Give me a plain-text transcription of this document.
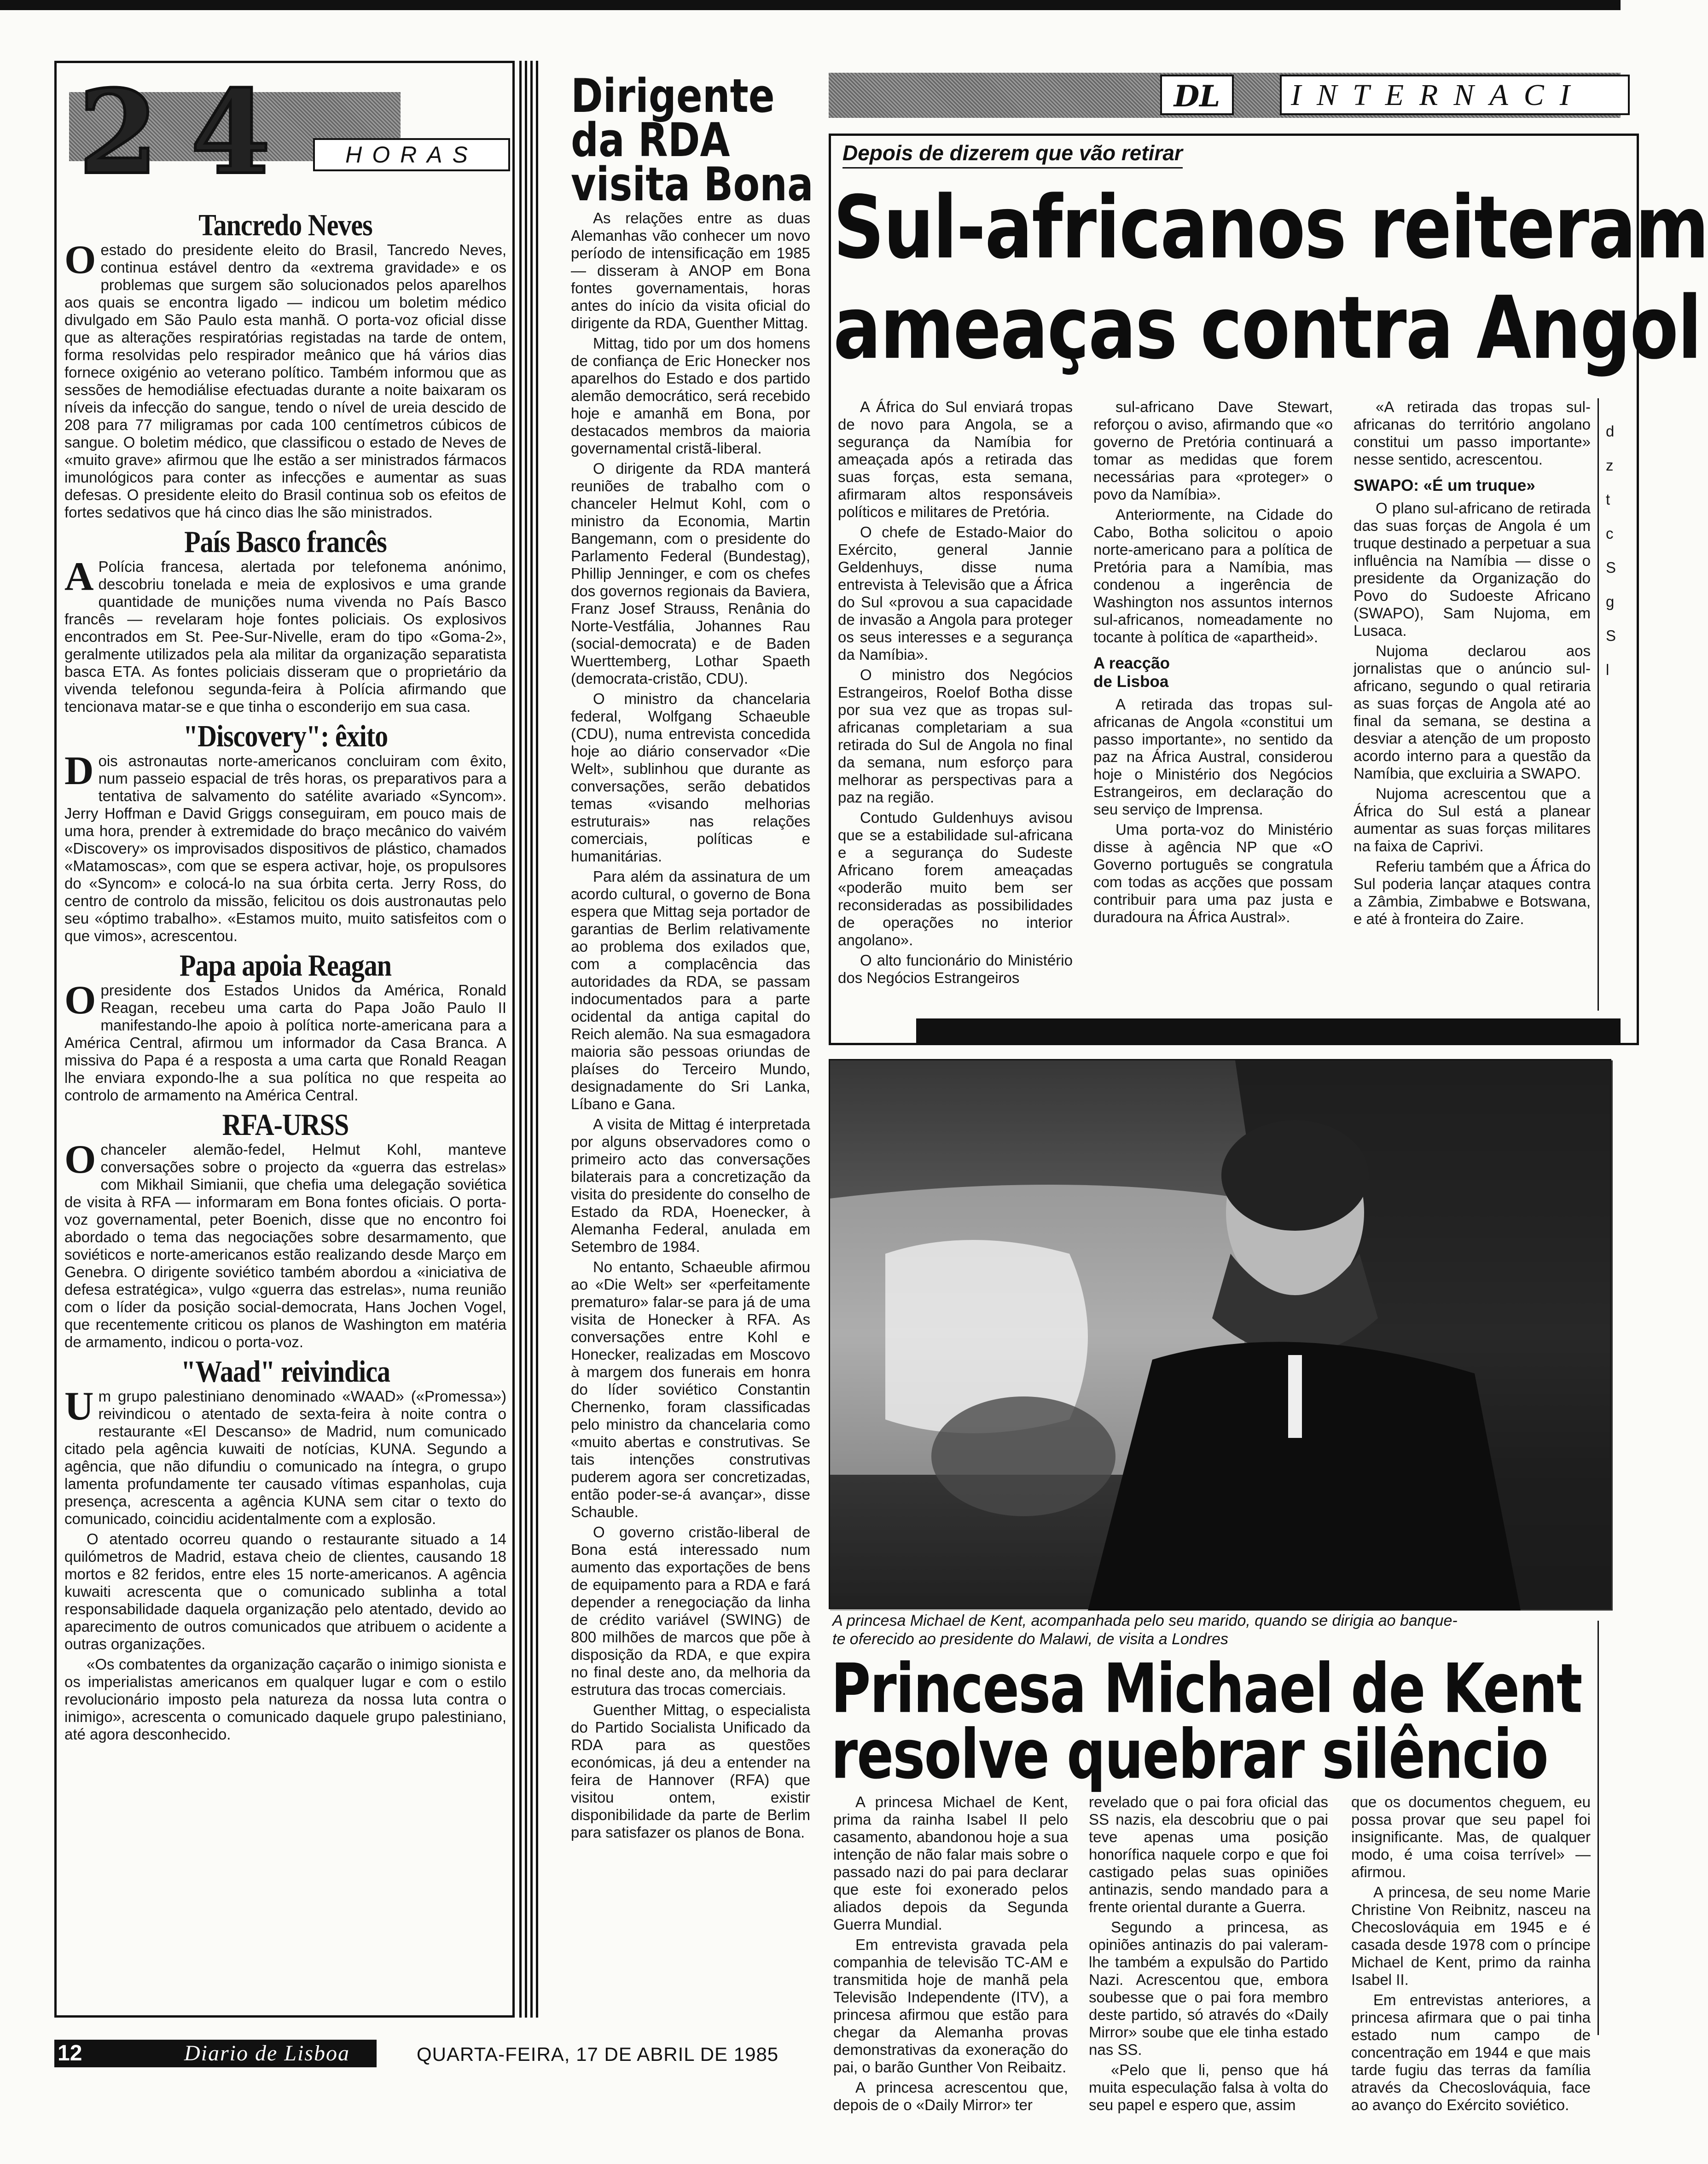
24	HORAS
Tancredo Neves

Oestado do presidente eleito do Brasil, Tancredo Neves, continua estável dentro da «extrema gravidade» e os problemas que surgem são solucionados pelos aparelhos aos quais se encontra ligado — indicou um boletim médico divulgado em São Paulo esta manhã. O porta-voz oficial disse que as alterações respiratórias registadas na tarde de ontem, forma resolvidas pelo respirador meânico que há vários dias fornece oxigénio ao veterano político. Também informou que as sessões de hemodiálise efectuadas durante a noite baixaram os níveis da infecção do sangue, tendo o nível de ureia descido de 208 para 77 miligramas por cada 100 centímetros cúbicos de sangue. O boletim médico, que classificou o estado de Neves de «muito grave» afirmou que lhe estão a ser ministrados fármacos imunológicos para conter as infecções e aumentar as suas defesas. O presidente eleito do Brasil continua sob os efeitos de fortes sedativos que há cinco dias lhe são ministrados.

País Basco francês

A Polícia francesa, alertada por telefonema anónimo, descobriu tonelada e meia de explosivos e uma grande quantidade de munições numa vivenda no País Basco francês — revelaram hoje fontes policiais. Os explosivos encontrados em St. Pee-Sur-Nivelle, eram do tipo «Goma-2», geralmente utilizados pela ala militar da organização separatista basca ETA. As fontes policiais disseram que o proprietário da vivenda telefonou segunda-feira à Polícia afirmando que tencionava matar-se e que tinha o esconderijo em sua casa.

"Discovery": êxito

Dois astronautas norte-americanos concluiram com êxito, num passeio espacial de três horas, os preparativos para a tentativa de salvamento do satélite avariado «Syncom». Jerry Hoffman e David Griggs conseguiram, em pouco mais de uma hora, prender à extremidade do braço mecânico do vaivém «Discovery» os improvisados dispositivos de plástico, chamados «Matamoscas», com que se espera activar, hoje, os propulsores do «Syncom» e colocá-lo na sua órbita certa. Jerry Ross, do centro de controlo da missão, felicitou os dois austronautas pelo seu «óptimo trabalho». «Estamos muito, muito satisfeitos com o que vimos», acrescentou.

Papa apoia Reagan

Opresidente dos Estados Unidos da América, Ronald Reagan, recebeu uma carta do Papa João Paulo II manifestando-lhe apoio à política norte-americana para a América Central, afirmou um informador da Casa Branca. A missiva do Papa é a resposta a uma carta que Ronald Reagan lhe enviara expondo-lhe a sua política no que respeita ao controlo de armamento na América Central.

RFA-URSS

Ochanceler alemão-fedel, Helmut Kohl, manteve conversações sobre o projecto da «guerra das estrelas» com Mikhail Simianii, que chefia uma delegação soviética de visita à RFA — informaram em Bona fontes oficiais. O porta-voz governamental, peter Boenich, disse que no encontro foi abordado o tema das negociações sobre desarmamento, que soviéticos e norte-americanos estão realizando desde Março em Genebra. O dirigente soviético também abordou a «iniciativa de defesa estratégica», vulgo «guerra das estrelas», numa reunião com o líder da posição social-democrata, Hans Jochen Vogel, que recentemente criticou os planos de Washington em matéria de armamento, indicou o porta-voz.

"Waad" reivindica

Um grupo palestiniano denominado «WAAD» («Promessa») reivindicou o atentado de sexta-feira à noite contra o restaurante «El Descanso» de Madrid, num comunicado citado pela agência kuwaiti de notícias, KUNA. Segundo a agência, que não difundiu o comunicado na íntegra, o grupo lamenta profundamente ter causado vítimas espanholas, cuja presença, acrescenta a agência KUNA sem citar o texto do comunicado, coincidiu acidentalmente com a explosão.

O atentado ocorreu quando o restaurante situado a 14 quilómetros de Madrid, estava cheio de clientes, causando 18 mortos e 82 feridos, entre eles 15 norte-americanos. A agência kuwaiti acrescenta que o comunicado sublinha a total responsabilidade daquela organização pelo atentado, devido ao aparecimento de outros comunicados que atribuem o acidente a outras organizações.

«Os combatentes da organização caçarão o inimigo sionista e os imperialistas americanos em qualquer lugar e com o estilo revolucionário imposto pela natureza da nossa luta contra o inimigo», acrescenta o comunicado daquele grupo palestiniano, até agora desconhecido.

Dirigente
da RDA
visita Bona

As relações entre as duas Alemanhas vão conhecer um novo período de intensificação em 1985 — disseram à ANOP em Bona fontes governamentais, horas antes do início da visita oficial do dirigente da RDA, Guenther Mittag.

Mittag, tido por um dos homens de confiança de Eric Honecker nos aparelhos do Estado e dos partido alemão democrático, será recebido hoje e amanhã em Bona, por destacados membros da maioria governamental cristã-liberal.

O dirigente da RDA manterá reuniões de trabalho com o chanceler Helmut Kohl, com o ministro da Economia, Martin Bangemann, com o presidente do Parlamento Federal (Bundestag), Phillip Jenninger, e com os chefes dos governos regionais da Baviera, Franz Josef Strauss, Renânia do Norte-Vestfália, Johannes Rau (social-democrata) e de Baden Wuerttemberg, Lothar Spaeth (democrata-cristão, CDU).

O ministro da chancelaria federal, Wolfgang Schaeuble (CDU), numa entrevista concedida hoje ao diário conservador «Die Welt», sublinhou que durante as conversações, serão debatidos temas «visando melhorias estruturais» nas relações comerciais, políticas e humanitárias.

Para além da assinatura de um acordo cultural, o governo de Bona espera que Mittag seja portador de garantias de Berlim relativamente ao problema dos exilados que, com a complacência das autoridades da RDA, se passam indocumentados para a parte ocidental da antiga capital do Reich alemão. Na sua esmagadora maioria são pessoas oriundas de plaíses do Terceiro Mundo, designadamente do Sri Lanka, Líbano e Gana.

A visita de Mittag é interpretada por alguns observadores como o primeiro acto das conversações bilaterais para a concretização da visita do presidente do conselho de Estado da RDA, Hoenecker, à Alemanha Federal, anulada em Setembro de 1984.

No entanto, Schaeuble afirmou ao «Die Welt» ser «perfeitamente prematuro» falar-se para já de uma visita de Honecker à RFA. As conversações entre Kohl e Honecker, realizadas em Moscovo à margem dos funerais em honra do líder soviético Constantin Chernenko, foram classificadas pelo ministro da chancelaria como «muito abertas e construtivas. Se tais intenções construtivas puderem agora ser concretizadas, então poder-se-á avançar», disse Schauble.

O governo cristão-liberal de Bona está interessado num aumento das exportações de bens de equipamento para a RDA e fará depender a renegociação da linha de crédito variável (SWING) de 800 milhões de marcos que põe à disposição da RDA, e que expira no final deste ano, da melhoria da estrutura das trocas comerciais.

Guenther Mittag, o especialista do Partido Socialista Unificado da RDA para as questões económicas, já deu a entender na feira de Hannover (RFA) que visitou ontem, existir disponibilidade da parte de Berlim para satisfazer os planos de Bona.

DL	INTERNACI
Depois de dizerem que vão retirar
Sul-africanos reiteram
ameaças contra Angol

A África do Sul enviará tropas de novo para Angola, se a segurança da Namíbia for ameaçada após a retirada das suas forças, esta semana, afirmaram altos responsáveis políticos e militares de Pretória.

O chefe de Estado-Maior do Exército, general Jannie Geldenhuys, disse numa entrevista à Televisão que a África do Sul «provou a sua capacidade de invasão a Angola para proteger os seus interesses e a segurança da Namíbia».

O ministro dos Negócios Estrangeiros, Roelof Botha disse por sua vez que as tropas sul-africanas completariam a sua retirada do Sul de Angola no final da semana, num esforço para melhorar as perspectivas para a paz na região.

Contudo Guldenhuys avisou que se a estabilidade sul-africana e a segurança do Sudeste Africano forem ameaçadas «poderão muito bem ser reconsideradas as possibilidades de operações no interior angolano».

O alto funcionário do Ministério dos Negócios Estrangeiros

sul-africano Dave Stewart, reforçou o aviso, afirmando que «o governo de Pretória continuará a tomar as medidas que forem necessárias para «proteger» o povo da Namíbia».

Anteriormente, na Cidade do Cabo, Botha solicitou o apoio norte-americano para a política de Pretória para a Namíbia, mas condenou a ingerência de Washington nos assuntos internos sul-africanos, nomeadamente no tocante à política de «apartheid».

A reacção
de Lisboa

A retirada das tropas sul-africanas de Angola «constitui um passo importante», no sentido da paz na África Austral, considerou hoje o Ministério dos Negócios Estrangeiros, em declaração do seu serviço de Imprensa.

Uma porta-voz do Ministério disse à agência NP que «O Governo português se congratula com todas as acções que possam contribuir para uma paz justa e duradoura na África Austral».

«A retirada das tropas sul-africanas do território angolano constitui um passo importante» nesse sentido, acrescentou.

SWAPO: «É um truque»

O plano sul-africano de retirada das suas forças de Angola é um truque destinado a perpetuar a sua influência na Namíbia — disse o presidente da Organização do Povo do Sudoeste Africano (SWAPO), Sam Nujoma, em Lusaca.

Nujoma declarou aos jornalistas que o anúncio sul-africano, segundo o qual retiraria as suas forças de Angola até ao final da semana, se destina a desviar a atenção de um proposto acordo interno para a questão da Namíbia, que excluiria a SWAPO.

Nujoma acrescentou que a África do Sul está a planear aumentar as suas forças militares na faixa de Caprivi.

Referiu também que a África do Sul poderia lançar ataques contra a Zâmbia, Zimbabwe e Botswana, e até à fronteira do Zaire.

d
z
t
c
S
g
S
l
A princesa Michael de Kent, acompanhada pelo seu marido, quando se dirigia ao banque-
te oferecido ao presidente do Malawi, de visita a Londres
Princesa Michael de Kent
resolve quebrar silêncio

A princesa Michael de Kent, prima da rainha Isabel II pelo casamento, abandonou hoje a sua intenção de não falar mais sobre o passado nazi do pai para declarar que este foi exonerado pelos aliados depois da Segunda Guerra Mundial.

Em entrevista gravada pela companhia de televisão TC-AM e transmitida hoje de manhã pela Televisão Independente (ITV), a princesa afirmou que estão para chegar da Alemanha provas demonstrativas da exoneração do pai, o barão Gunther Von Reibaitz.

A princesa acrescentou que, depois de o «Daily Mirror» ter

revelado que o pai fora oficial das SS nazis, ela descobriu que o pai teve apenas uma posição honorífica naquele corpo e que foi castigado pelas suas opiniões antinazis, sendo mandado para a frente oriental durante a Guerra.

Segundo a princesa, as opiniões antinazis do pai valeram-lhe também a expulsão do Partido Nazi. Acrescentou que, embora soubesse que o pai fora membro deste partido, só através do «Daily Mirror» soube que ele tinha estado nas SS.

«Pelo que li, penso que há muita especulação falsa à volta do seu papel e espero que, assim

que os documentos cheguem, eu possa provar que seu papel foi insignificante. Mas, de qualquer modo, é uma coisa terrível» — afirmou.

A princesa, de seu nome Marie Christine Von Reibnitz, nasceu na Checoslováquia em 1945 e é casada desde 1978 com o príncipe Michael de Kent, primo da rainha Isabel II.

Em entrevistas anteriores, a princesa afirmara que o pai tinha estado num campo de concentração em 1944 e que mais tarde fugiu das terras da família através da Checoslováquia, face ao avanço do Exército soviético.

12	Diario de Lisboa	QUARTA-FEIRA, 17 DE ABRIL DE 1985
